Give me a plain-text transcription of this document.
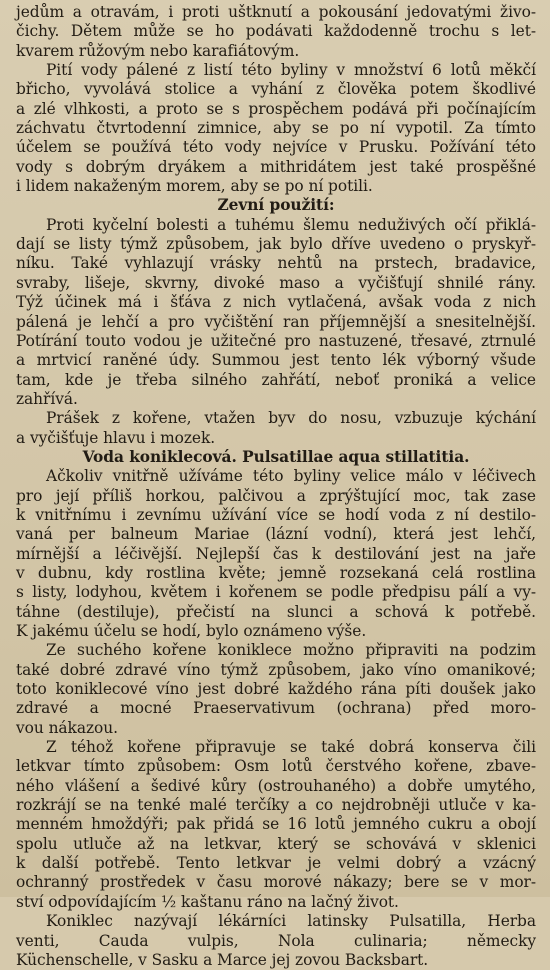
jedům a otravám, i proti uštknutí a pokousání jedovatými živo-
čichy. Dětem může se ho podávati každodenně trochu s let-
kvarem růžovým nebo karafiátovým.
Pití vody pálené z listí této byliny v množství 6 lotů měkčí
břicho, vyvolává stolice a vyhání z člověka potem škodlivé
a zlé vlhkosti, a proto se s prospěchem podává při počínajícím
záchvatu čtvrtodenní zimnice, aby se po ní vypotil. Za tímto
účelem se používá této vody nejvíce v Prusku. Požívání této
vody s dobrým dryákem a mithridátem jest také prospěšné
i lidem nakaženým morem, aby se po ní potili.
Zevní použití:
Proti kyčelní bolesti a tuhému šlemu neduživých očí přiklá-
dají se listy týmž způsobem, jak bylo dříve uvedeno o pryskyř-
níku. Také vyhlazují vrásky nehtů na prstech, bradavice,
svraby, lišeje, skvrny, divoké maso a vyčišťují shnilé rány.
Týž účinek má i šťáva z nich vytlačená, avšak voda z nich
pálená je lehčí a pro vyčištění ran příjemnější a snesitelnější.
Potírání touto vodou je užitečné pro nastuzené, třesavé, ztrnulé
a mrtvicí raněné údy. Summou jest tento lék výborný všude
tam, kde je třeba silného zahřátí, neboť proniká a velice
zahřívá.
Prášek z kořene, vtažen byv do nosu, vzbuzuje kýchání
a vyčišťuje hlavu i mozek.
Voda koniklecová. Pulsatillae aqua stillatitia.
Ačkoliv vnitřně užíváme této byliny velice málo v léčivech
pro její příliš horkou, palčivou a zprýštující moc, tak zase
k vnitřnímu i zevnímu užívání více se hodí voda z ní destilo-
vaná per balneum Mariae (lázní vodní), která jest lehčí,
mírnější a léčivější. Nejlepší čas k destilování jest na jaře
v dubnu, kdy rostlina květe; jemně rozsekaná celá rostlina
s listy, lodyhou, květem i kořenem se podle předpisu pálí a vy-
táhne (destiluje), přečistí na slunci a schová k potřebě.
K jakému účelu se hodí, bylo oznámeno výše.
Ze suchého kořene koniklece možno připraviti na podzim
také dobré zdravé víno týmž způsobem, jako víno omanikové;
toto koniklecové víno jest dobré každého rána píti doušek jako
zdravé a mocné Praeservativum (ochrana) před moro-
vou nákazou.
Z téhož kořene připravuje se také dobrá konserva čili
letkvar tímto způsobem: Osm lotů čerstvého kořene, zbave-
ného vlášení a šedivé kůry (ostrouhaného) a dobře umytého,
rozkrájí se na tenké malé terčíky a co nejdrobněji utluče v ka-
menném hmoždýři; pak přidá se 16 lotů jemného cukru a obojí
spolu utluče až na letkvar, který se schovává v sklenici
k další potřebě. Tento letkvar je velmi dobrý a vzácný
ochranný prostředek v času morové nákazy; bere se v mor-
ství odpovídajícím ½ kaštanu ráno na lačný život.
Koniklec nazývají lékárníci latinsky Pulsatilla, Herba
venti, Cauda vulpis, Nola culinaria; německy
Küchenschelle, v Sasku a Marce jej zovou Backsbart.
